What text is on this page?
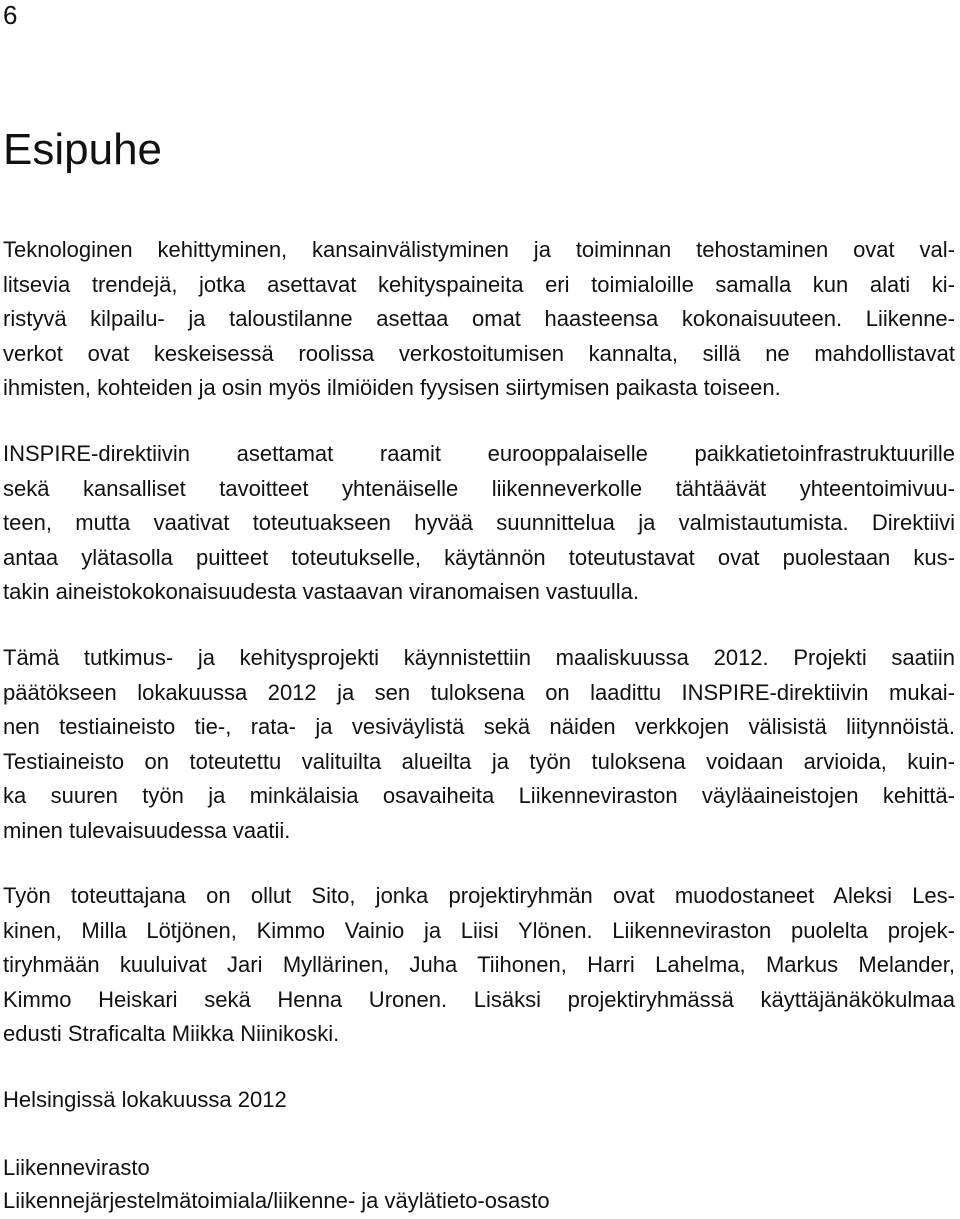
6
Esipuhe

Teknologinen kehittyminen, kansainvälistyminen ja toiminnan tehostaminen ovat val-
litsevia trendejä, jotka asettavat kehityspaineita eri toimialoille samalla kun alati ki-
ristyvä kilpailu- ja taloustilanne asettaa omat haasteensa kokonaisuuteen. Liikenne-
verkot ovat keskeisessä roolissa verkostoitumisen kannalta, sillä ne mahdollistavat
ihmisten, kohteiden ja osin myös ilmiöiden fyysisen siirtymisen paikasta toiseen.

INSPIRE-direktiivin asettamat raamit eurooppalaiselle paikkatietoinfrastruktuurille
sekä kansalliset tavoitteet yhtenäiselle liikenneverkolle tähtäävät yhteentoimivuu-
teen, mutta vaativat toteutuakseen hyvää suunnittelua ja valmistautumista. Direktiivi
antaa ylätasolla puitteet toteutukselle, käytännön toteutustavat ovat puolestaan kus-
takin aineistokokonaisuudesta vastaavan viranomaisen vastuulla.

Tämä tutkimus- ja kehitysprojekti käynnistettiin maaliskuussa 2012. Projekti saatiin
päätökseen lokakuussa 2012 ja sen tuloksena on laadittu INSPIRE-direktiivin mukai-
nen testiaineisto tie-, rata- ja vesiväylistä sekä näiden verkkojen välisistä liitynnöistä.
Testiaineisto on toteutettu valituilta alueilta ja työn tuloksena voidaan arvioida, kuin-
ka suuren työn ja minkälaisia osavaiheita Liikenneviraston väyläaineistojen kehittä-
minen tulevaisuudessa vaatii.

Työn toteuttajana on ollut Sito, jonka projektiryhmän ovat muodostaneet Aleksi Les-
kinen, Milla Lötjönen, Kimmo Vainio ja Liisi Ylönen. Liikenneviraston puolelta projek-
tiryhmään kuuluivat Jari Myllärinen, Juha Tiihonen, Harri Lahelma, Markus Melander,
Kimmo Heiskari sekä Henna Uronen. Lisäksi projektiryhmässä käyttäjänäkökulmaa
edusti Straficalta Miikka Niinikoski.

Helsingissä lokakuussa 2012

Liikennevirasto

Liikennejärjestelmätoimiala/liikenne- ja väylätieto-osasto
